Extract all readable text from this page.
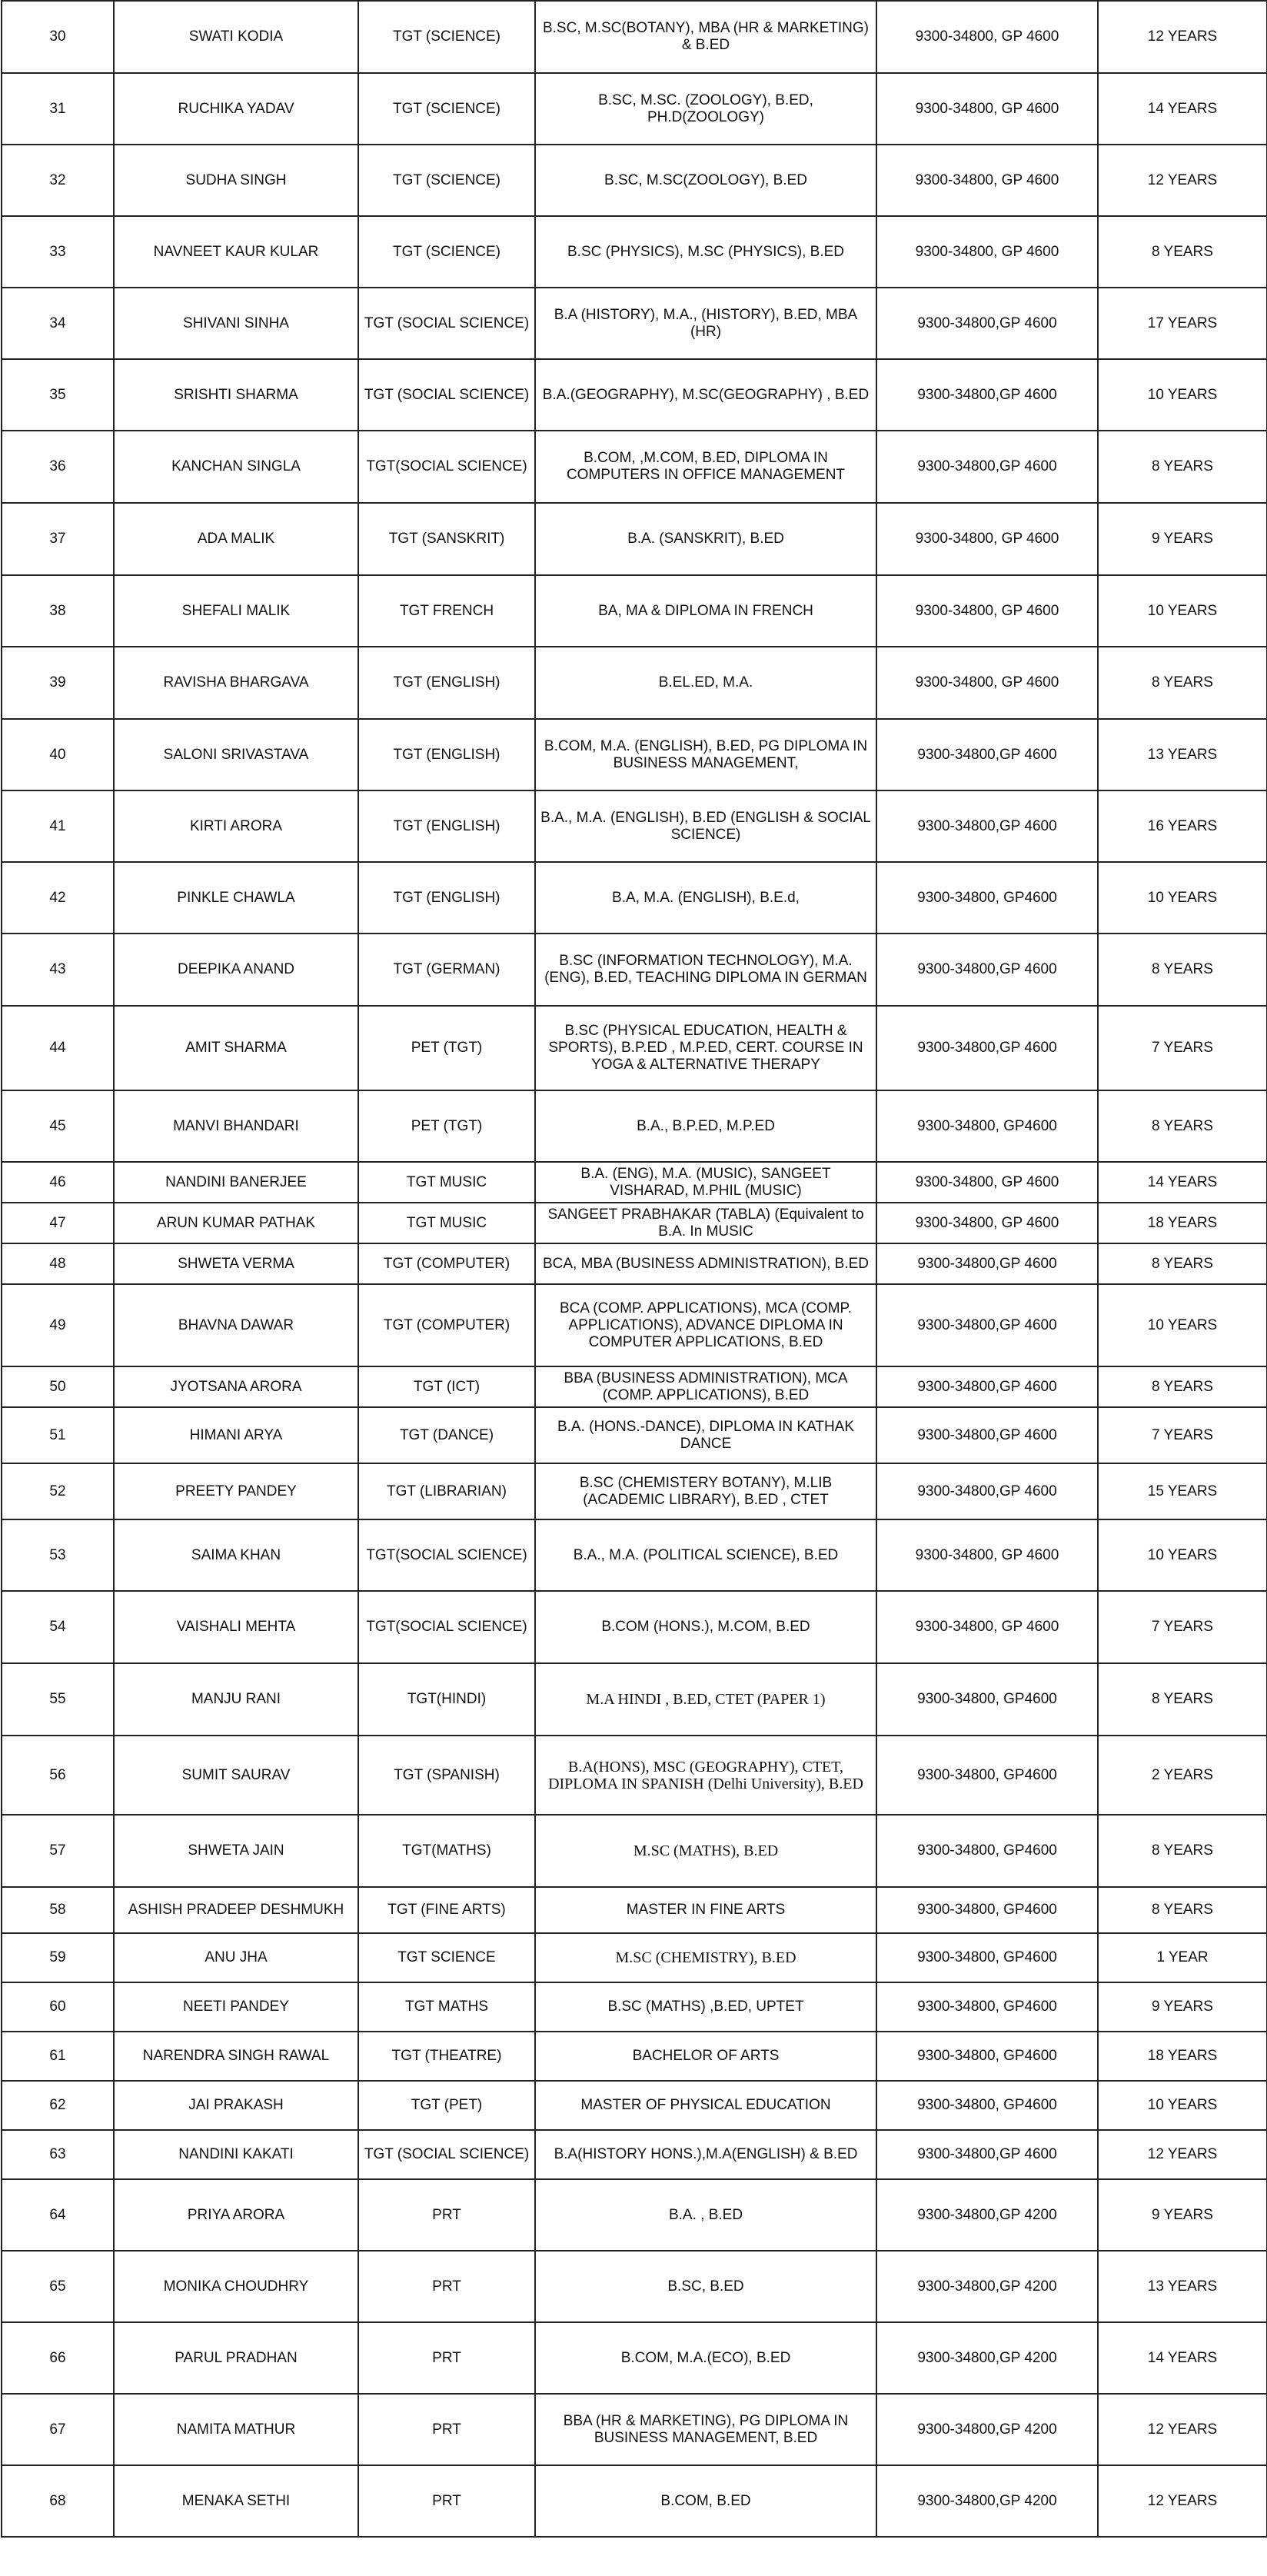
30	SWATI KODIA	TGT (SCIENCE)	B.SC, M.SC(BOTANY), MBA (HR & MARKETING) & B.ED	9300-34800, GP 4600	12 YEARS
31	RUCHIKA YADAV	TGT (SCIENCE)	B.SC, M.SC. (ZOOLOGY), B.ED, PH.D(ZOOLOGY)	9300-34800, GP 4600	14 YEARS
32	SUDHA SINGH	TGT (SCIENCE)	B.SC, M.SC(ZOOLOGY), B.ED	9300-34800, GP 4600	12 YEARS
33	NAVNEET KAUR KULAR	TGT (SCIENCE)	B.SC (PHYSICS), M.SC (PHYSICS), B.ED	9300-34800, GP 4600	8 YEARS
34	SHIVANI SINHA	TGT (SOCIAL SCIENCE)	B.A (HISTORY), M.A., (HISTORY), B.ED, MBA (HR)	9300-34800,GP 4600	17 YEARS
35	SRISHTI SHARMA	TGT (SOCIAL SCIENCE)	B.A.(GEOGRAPHY), M.SC(GEOGRAPHY) , B.ED	9300-34800,GP 4600	10 YEARS
36	KANCHAN SINGLA	TGT(SOCIAL SCIENCE)	B.COM, ,M.COM, B.ED, DIPLOMA IN COMPUTERS IN OFFICE MANAGEMENT	9300-34800,GP 4600	8 YEARS
37	ADA MALIK	TGT (SANSKRIT)	B.A. (SANSKRIT), B.ED	9300-34800, GP 4600	9 YEARS
38	SHEFALI MALIK	TGT FRENCH	BA, MA & DIPLOMA IN FRENCH	9300-34800, GP 4600	10 YEARS
39	RAVISHA BHARGAVA	TGT (ENGLISH)	B.EL.ED, M.A.	9300-34800, GP 4600	8 YEARS
40	SALONI SRIVASTAVA	TGT (ENGLISH)	B.COM, M.A. (ENGLISH), B.ED, PG DIPLOMA IN BUSINESS MANAGEMENT,	9300-34800,GP 4600	13 YEARS
41	KIRTI ARORA	TGT (ENGLISH)	B.A., M.A. (ENGLISH), B.ED (ENGLISH & SOCIAL SCIENCE)	9300-34800,GP 4600	16 YEARS
42	PINKLE CHAWLA	TGT (ENGLISH)	B.A, M.A. (ENGLISH), B.E.d,	9300-34800, GP4600	10 YEARS
43	DEEPIKA ANAND	TGT (GERMAN)	B.SC (INFORMATION TECHNOLOGY), M.A. (ENG), B.ED, TEACHING DIPLOMA IN GERMAN	9300-34800,GP 4600	8 YEARS
44	AMIT SHARMA	PET (TGT)	B.SC (PHYSICAL EDUCATION, HEALTH & SPORTS), B.P.ED , M.P.ED, CERT. COURSE IN YOGA & ALTERNATIVE THERAPY	9300-34800,GP 4600	7 YEARS
45	MANVI BHANDARI	PET (TGT)	B.A., B.P.ED, M.P.ED	9300-34800, GP4600	8 YEARS
46	NANDINI BANERJEE	TGT MUSIC	B.A. (ENG), M.A. (MUSIC), SANGEET VISHARAD, M.PHIL (MUSIC)	9300-34800, GP 4600	14 YEARS
47	ARUN KUMAR PATHAK	TGT MUSIC	SANGEET PRABHAKAR (TABLA) (Equivalent to B.A. In MUSIC	9300-34800, GP 4600	18 YEARS
48	SHWETA VERMA	TGT (COMPUTER)	BCA, MBA (BUSINESS ADMINISTRATION), B.ED	9300-34800,GP 4600	8 YEARS
49	BHAVNA DAWAR	TGT (COMPUTER)	BCA (COMP. APPLICATIONS), MCA (COMP. APPLICATIONS), ADVANCE DIPLOMA IN COMPUTER APPLICATIONS, B.ED	9300-34800,GP 4600	10 YEARS
50	JYOTSANA ARORA	TGT (ICT)	BBA (BUSINESS ADMINISTRATION), MCA (COMP. APPLICATIONS), B.ED	9300-34800,GP 4600	8 YEARS
51	HIMANI ARYA	TGT (DANCE)	B.A. (HONS.-DANCE), DIPLOMA IN KATHAK DANCE	9300-34800,GP 4600	7 YEARS
52	PREETY PANDEY	TGT (LIBRARIAN)	B.SC (CHEMISTERY BOTANY), M.LIB (ACADEMIC LIBRARY), B.ED , CTET	9300-34800,GP 4600	15 YEARS
53	SAIMA KHAN	TGT(SOCIAL SCIENCE)	B.A., M.A. (POLITICAL SCIENCE), B.ED	9300-34800, GP 4600	10 YEARS
54	VAISHALI MEHTA	TGT(SOCIAL SCIENCE)	B.COM (HONS.), M.COM, B.ED	9300-34800, GP 4600	7 YEARS
55	MANJU RANI	TGT(HINDI)	M.A HINDI , B.ED, CTET (PAPER 1)	9300-34800, GP4600	8 YEARS
56	SUMIT SAURAV	TGT (SPANISH)	B.A(HONS), MSC (GEOGRAPHY), CTET, DIPLOMA IN SPANISH (Delhi University), B.ED	9300-34800, GP4600	2 YEARS
57	SHWETA JAIN	TGT(MATHS)	M.SC (MATHS), B.ED	9300-34800, GP4600	8 YEARS
58	ASHISH PRADEEP DESHMUKH	TGT (FINE ARTS)	MASTER IN FINE ARTS	9300-34800, GP4600	8 YEARS
59	ANU JHA	TGT SCIENCE	M.SC (CHEMISTRY), B.ED	9300-34800, GP4600	1 YEAR
60	NEETI PANDEY	TGT MATHS	B.SC (MATHS) ,B.ED, UPTET	9300-34800, GP4600	9 YEARS
61	NARENDRA SINGH RAWAL	TGT (THEATRE)	BACHELOR OF ARTS	9300-34800, GP4600	18 YEARS
62	JAI PRAKASH	TGT (PET)	MASTER OF PHYSICAL EDUCATION	9300-34800, GP4600	10 YEARS
63	NANDINI KAKATI	TGT (SOCIAL SCIENCE)	B.A(HISTORY HONS.),M.A(ENGLISH) & B.ED	9300-34800,GP 4600	12 YEARS
64	PRIYA ARORA	PRT	B.A. , B.ED	9300-34800,GP 4200	9 YEARS
65	MONIKA CHOUDHRY	PRT	B.SC, B.ED	9300-34800,GP 4200	13 YEARS
66	PARUL PRADHAN	PRT	B.COM, M.A.(ECO), B.ED	9300-34800,GP 4200	14 YEARS
67	NAMITA MATHUR	PRT	BBA (HR & MARKETING), PG DIPLOMA IN BUSINESS MANAGEMENT, B.ED	9300-34800,GP 4200	12 YEARS
68	MENAKA SETHI	PRT	B.COM, B.ED	9300-34800,GP 4200	12 YEARS
